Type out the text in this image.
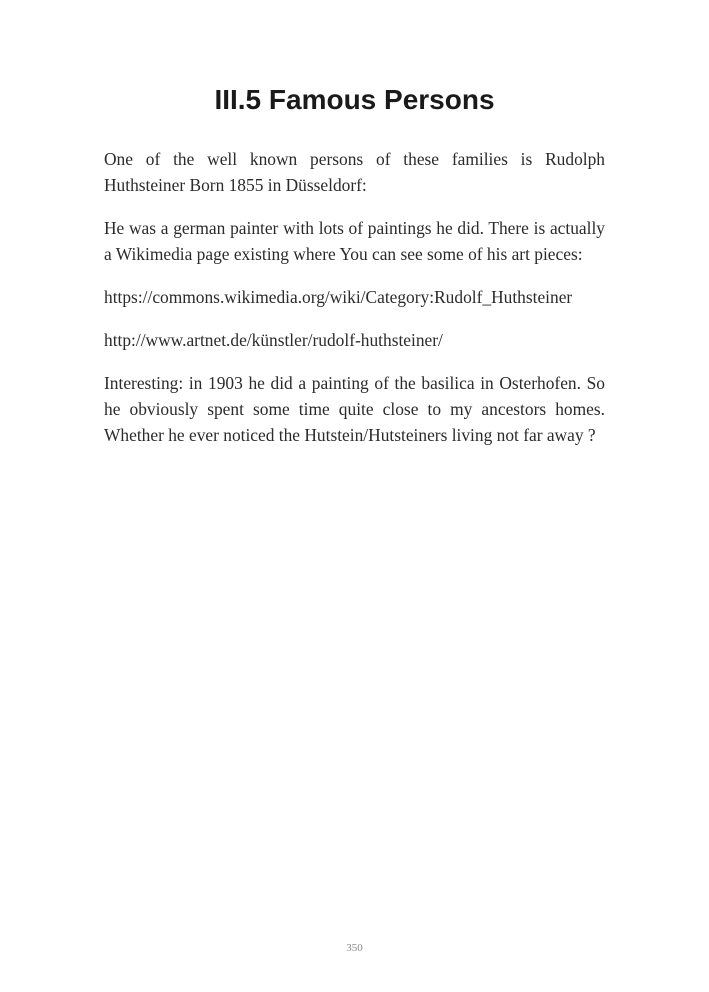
III.5 Famous Persons

One of the well known persons of these families is Rudolph Huthsteiner Born 1855 in Düsseldorf:

He was a german painter with lots of paintings he did. There is actually a Wikimedia page existing where You can see some of his art pieces:

https://commons.wikimedia.org/wiki/Category:Rudolf_Huthsteiner

http://www.artnet.de/künstler/rudolf-huthsteiner/

Interesting: in 1903 he did a painting of the basilica in Osterhofen. So he obviously spent some time quite close to my ancestors homes. Whether he ever noticed the Hutstein/Hutsteiners living not far away ?

350
